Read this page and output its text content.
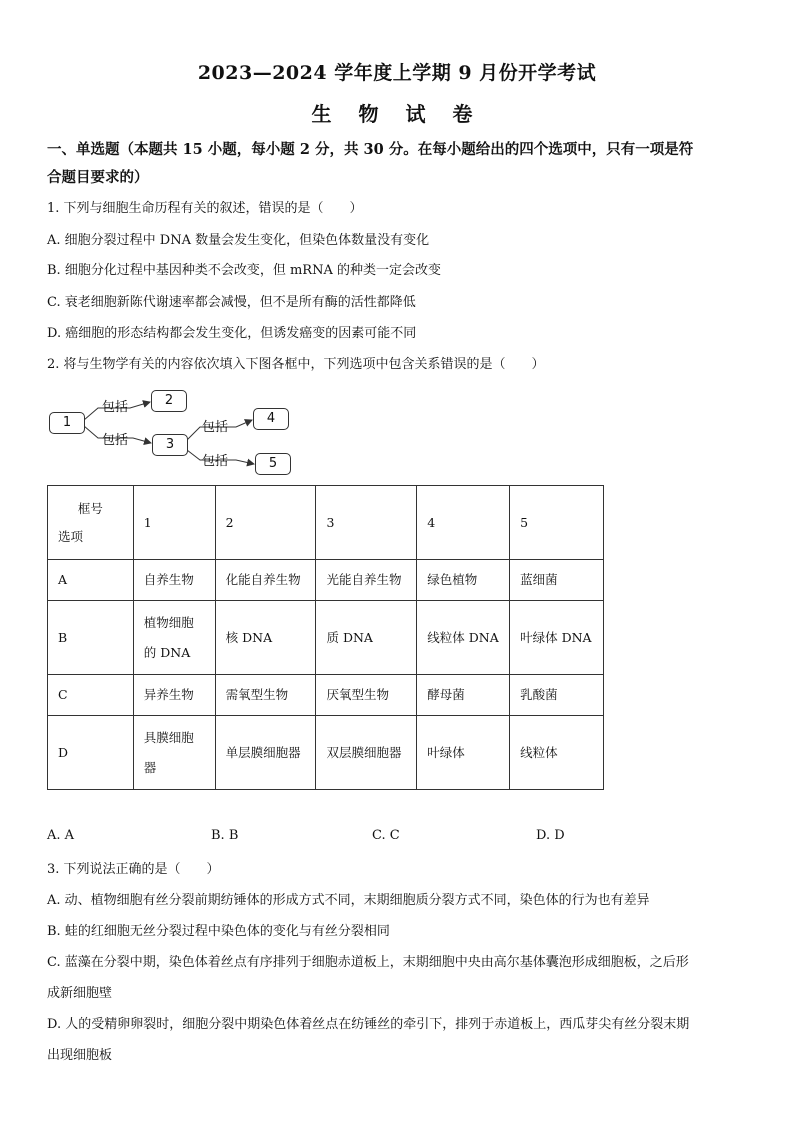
2023—2024 学年度上学期 9 月份开学考试
生 物 试 卷
一、单选题（本题共 15 小题，每小题 2 分，共 30 分。在每小题给出的四个选项中，只有一项是符
合题目要求的）
1. 下列与细胞生命历程有关的叙述，错误的是（　　）
A. 细胞分裂过程中 DNA 数量会发生变化，但染色体数量没有变化
B. 细胞分化过程中基因种类不会改变，但 mRNA 的种类一定会改变
C. 衰老细胞新陈代谢速率都会减慢，但不是所有酶的活性都降低
D. 癌细胞的形态结构都会发生变化，但诱发癌变的因素可能不同
2. 将与生物学有关的内容依次填入下图各框中，下列选项中包含关系错误的是（　　）
1
2
3
4
5
包括
包括
包括
包括
框号
选项	1	2	3	4	5
A	自养生物	化能自养生物	光能自养生物	绿色植物	蓝细菌
B	植物细胞
的 DNA	核 DNA	质 DNA	线粒体 DNA	叶绿体 DNA
C	异养生物	需氧型生物	厌氧型生物	酵母菌	乳酸菌
D	具膜细胞
器	单层膜细胞器	双层膜细胞器	叶绿体	线粒体
A. A	B. B	C. C	D. D
3. 下列说法正确的是（　　）
A. 动、植物细胞有丝分裂前期纺锤体的形成方式不同，末期细胞质分裂方式不同，染色体的行为也有差异
B. 蛙的红细胞无丝分裂过程中染色体的变化与有丝分裂相同
C. 蓝藻在分裂中期，染色体着丝点有序排列于细胞赤道板上，末期细胞中央由高尔基体囊泡形成细胞板，之后形
成新细胞壁
D. 人的受精卵卵裂时，细胞分裂中期染色体着丝点在纺锤丝的牵引下，排列于赤道板上，西瓜芽尖有丝分裂末期
出现细胞板
